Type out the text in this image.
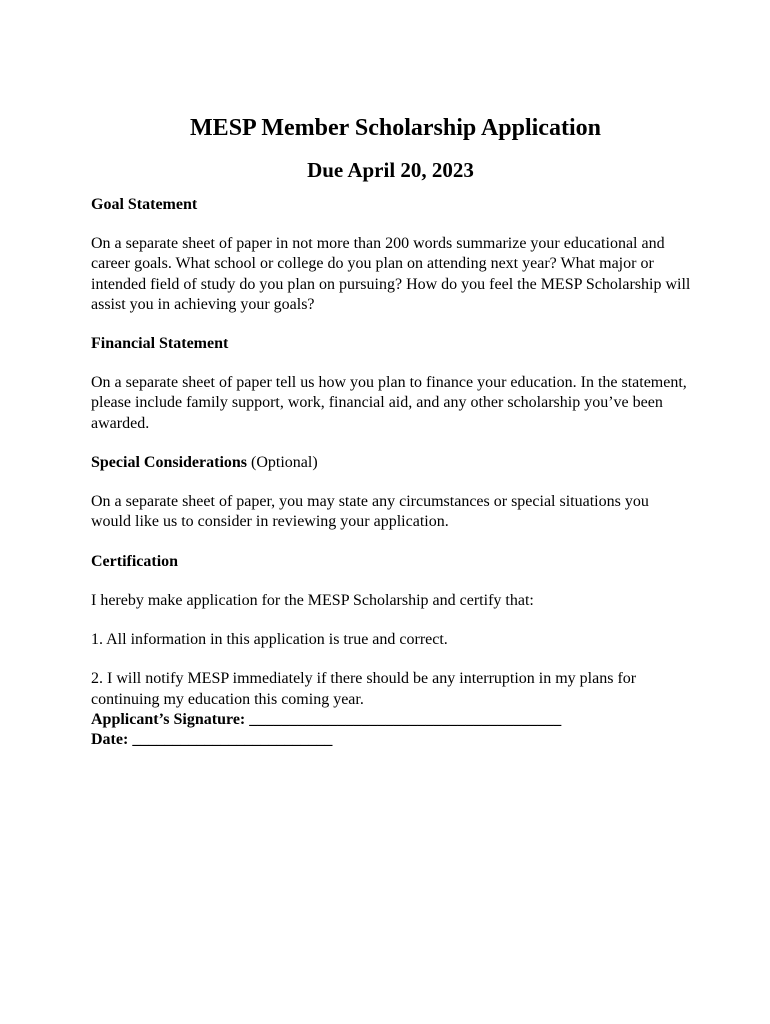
MESP Member Scholarship Application
Due April 20, 2023

Goal Statement

On a separate sheet of paper in not more than 200 words summarize your educational and career goals. What school or college do you plan on attending next year? What major or intended field of study do you plan on pursuing? How do you feel the MESP Scholarship will assist you in achieving your goals?

Financial Statement

On a separate sheet of paper tell us how you plan to finance your education. In the statement, please include family support, work, financial aid, and any other scholarship you’ve been awarded.

Special Considerations (Optional)

On a separate sheet of paper, you may state any circumstances or special situations you would like us to consider in reviewing your application.

Certification

I hereby make application for the MESP Scholarship and certify that:

1. All information in this application is true and correct.

2. I will notify MESP immediately if there should be any interruption in my plans for continuing my education this coming year.

Applicant’s Signature: _______________________________________

Date: _________________________
